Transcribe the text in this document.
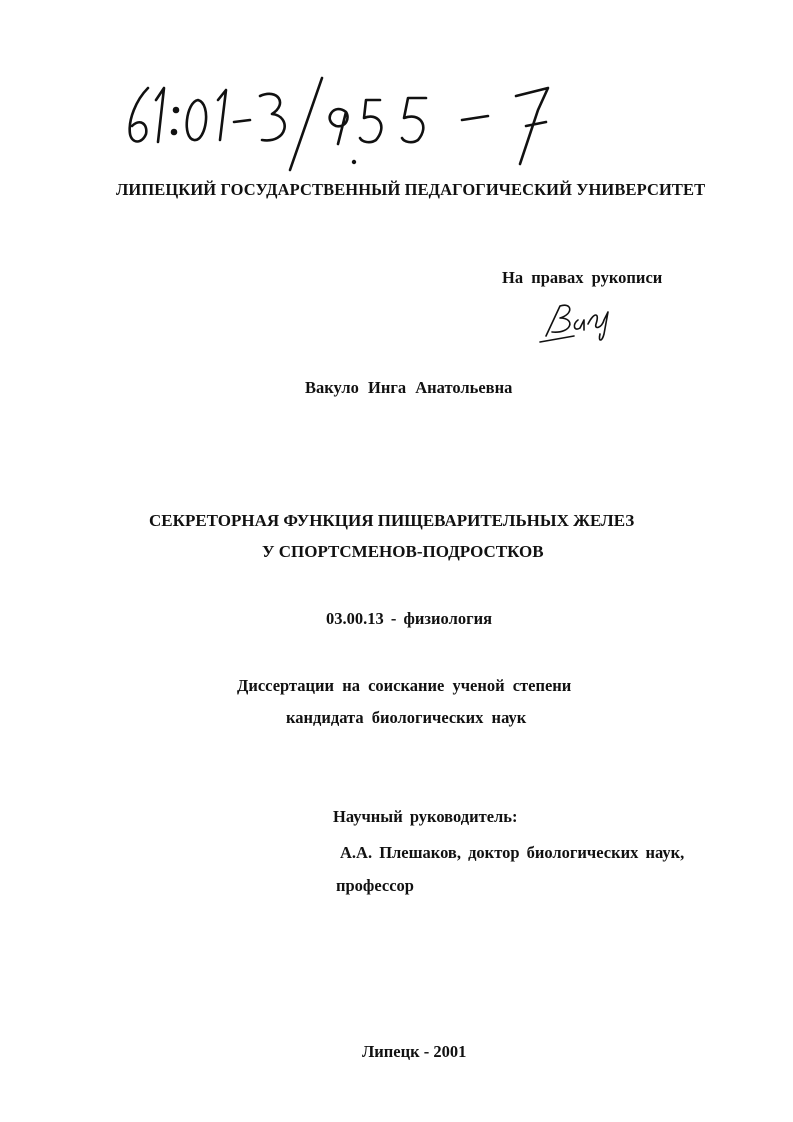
ЛИПЕЦКИЙ ГОСУДАРСТВЕННЫЙ ПЕДАГОГИЧЕСКИЙ УНИВЕРСИТЕТ
На правах рукописи
Вакуло Инга Анатольевна
СЕКРЕТОРНАЯ ФУНКЦИЯ ПИЩЕВАРИТЕЛЬНЫХ ЖЕЛЕЗ
У СПОРТСМЕНОВ-ПОДРОСТКОВ
03.00.13 - физиология
Диссертации на соискание ученой степени
кандидата биологических наук
Научный руководитель:
А.А. Плешаков, доктор биологических наук,
профессор
Липецк - 2001
